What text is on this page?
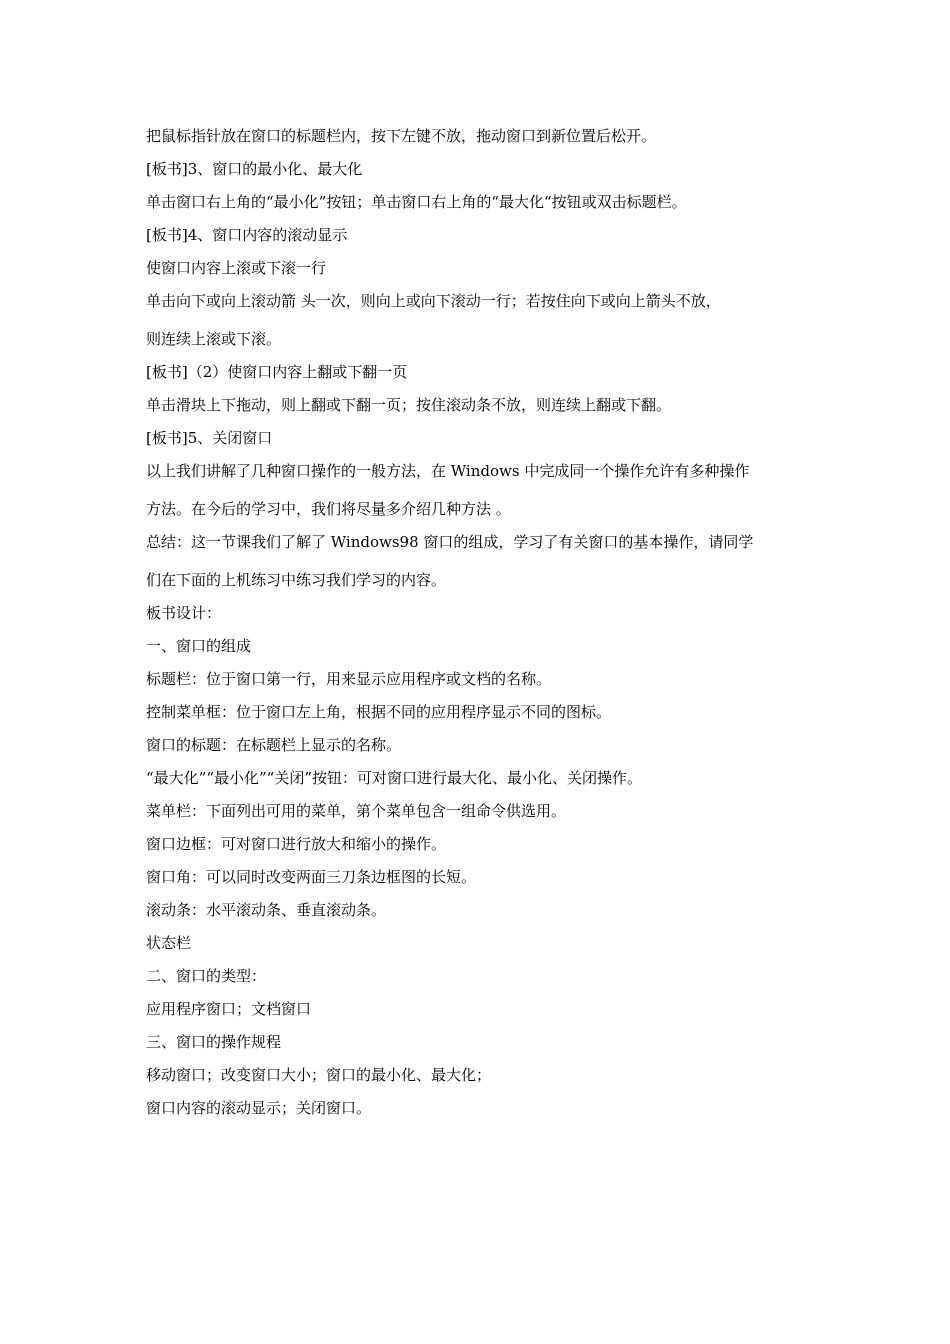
把鼠标指针放在窗口的标题栏内，按下左键不放，拖动窗口到新位置后松开。
[板书]3、窗口的最小化、最大化
单击窗口右上角的“最小化”按钮；单击窗口右上角的“最大化“按钮或双击标题栏。
[板书]4、窗口内容的滚动显示
使窗口内容上滚或下滚一行
单击向下或向上滚动箭 头一次，则向上或向下滚动一行；若按住向下或向上箭头不放，
则连续上滚或下滚。
[板书]（2）使窗口内容上翻或下翻一页
单击滑块上下拖动，则上翻或下翻一页；按住滚动条不放，则连续上翻或下翻。
[板书]5、关闭窗口
以上我们讲解了几种窗口操作的一般方法，在 Windows 中完成同一个操作允许有多种操作
方法。在今后的学习中，我们将尽量多介绍几种方法 。
总结：这一节课我们了解了 Windows98 窗口的组成，学习了有关窗口的基本操作，请同学
们在下面的上机练习中练习我们学习的内容。
板书设计：
一、窗口的组成
标题栏：位于窗口第一行，用来显示应用程序或文档的名称。
控制菜单框：位于窗口左上角，根据不同的应用程序显示不同的图标。
窗口的标题：在标题栏上显示的名称。
“最大化”“最小化”“关闭”按钮：可对窗口进行最大化、最小化、关闭操作。
菜单栏：下面列出可用的菜单，第个菜单包含一组命令供选用。
窗口边框：可对窗口进行放大和缩小的操作。
窗口角：可以同时改变两面三刀条边框图的长短。
滚动条：水平滚动条、垂直滚动条。
状态栏
二、窗口的类型：
应用程序窗口；文档窗口
三、窗口的操作规程
移动窗口；改变窗口大小；窗口的最小化、最大化；
窗口内容的滚动显示；关闭窗口。
